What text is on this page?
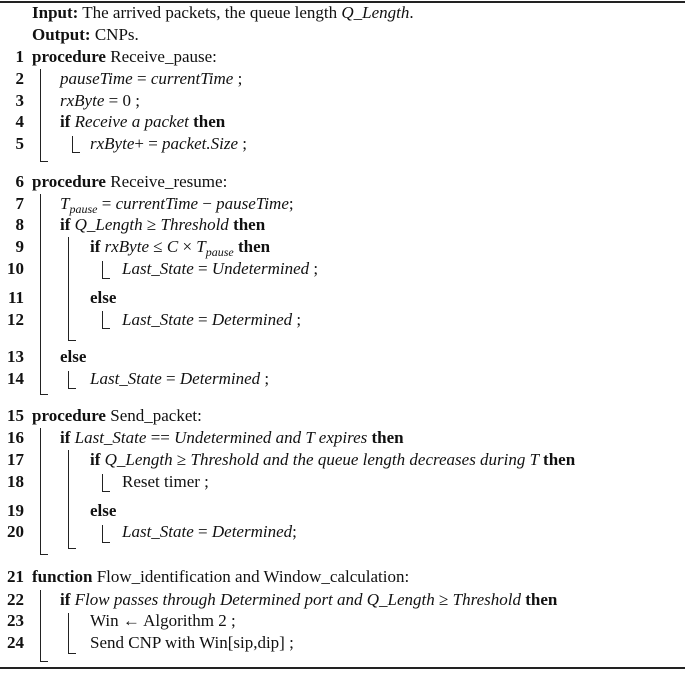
Input: The arrived packets, the queue length Q_Length.
Output: CNPs.
1 procedure Receive_pause:
2 pauseTime = currentTime ;
3 rxByte = 0 ;
4 if Receive a packet then
5	rxByte+ = packet.Size ;
6 procedure Receive_resume:
7 $T_{pause}$ = currentTime − pauseTime;
8 if Q_Length ≥ Threshold then
9	if rxByte ≤ $C \times T_{pause}$ then
10	Last_State = Undetermined ;
11	else
12	Last_State = Determined ;
13 else
14	Last_State = Determined ;
15 procedure Send_packet:
16 if Last_State == Undetermined and T expires then
17	if Q_Length ≥ Threshold and the queue length decreases during T then
18	Reset timer ;
19	else
20	Last_State = Determined;
21 function Flow_identification and Window_calculation:
22 if Flow passes through Determined port and Q_Length ≥ Threshold then
23	Win ← Algorithm 2 ;
24	Send CNP with Win[sip,dip] ;
